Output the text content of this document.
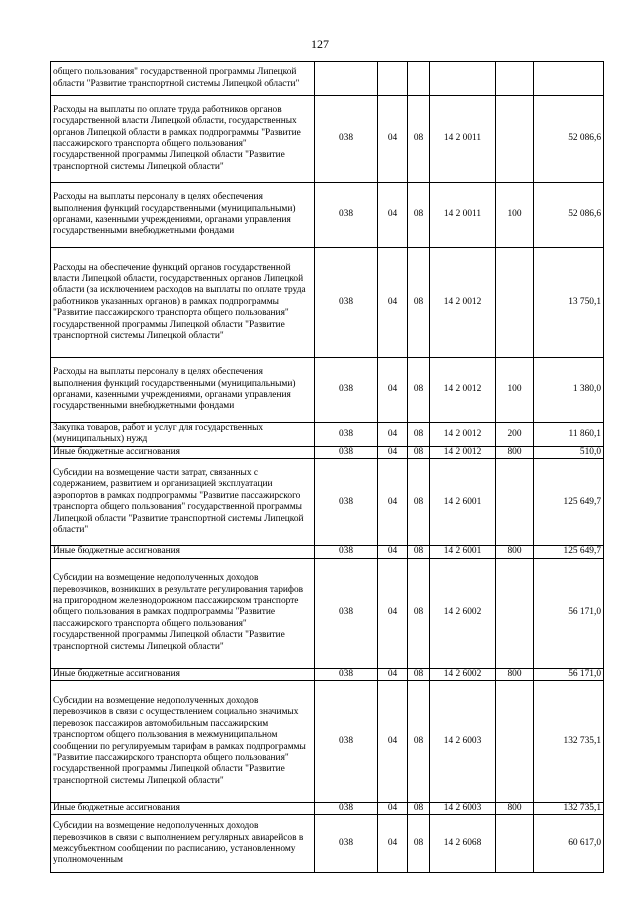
127
общего пользования" государственной программы Липецкой области "Развитие транспортной системы Липецкой области"						
Расходы на выплаты по оплате труда работников органов государственной власти Липецкой области, государственных органов Липецкой области в рамках подпрограммы "Развитие пассажирского транспорта общего пользования" государственной программы Липецкой области "Развитие транспортной системы Липецкой области"	038	04	08	14 2 0011		52 086,6
Расходы на выплаты персоналу в целях обеспечения выполнения функций государственными (муниципальными) органами, казенными учреждениями, органами управления государственными внебюджетными фондами	038	04	08	14 2 0011	100	52 086,6
Расходы на обеспечение функций органов государственной власти Липецкой области, государственных органов Липецкой области (за исключением расходов на выплаты по оплате труда работников указанных органов) в рамках подпрограммы "Развитие пассажирского транспорта общего пользования" государственной программы Липецкой области "Развитие транспортной системы Липецкой области"	038	04	08	14 2 0012		13 750,1
Расходы на выплаты персоналу в целях обеспечения выполнения функций государственными (муниципальными) органами, казенными учреждениями, органами управления государственными внебюджетными фондами	038	04	08	14 2 0012	100	1 380,0
Закупка товаров, работ и услуг для государственных (муниципальных) нужд	038	04	08	14 2 0012	200	11 860,1
Иные бюджетные ассигнования	038	04	08	14 2 0012	800	510,0
Субсидии на возмещение части затрат, связанных с содержанием, развитием и организацией эксплуатации аэропортов в рамках подпрограммы "Развитие пассажирского транспорта общего пользования" государственной программы Липецкой области "Развитие транспортной системы Липецкой области"	038	04	08	14 2 6001		125 649,7
Иные бюджетные ассигнования	038	04	08	14 2 6001	800	125 649,7
Субсидии на возмещение недополученных доходов перевозчиков, возникших в результате регулирования тарифов на пригородном железнодорожном пассажирском транспорте общего пользования в рамках подпрограммы "Развитие пассажирского транспорта общего пользования" государственной программы Липецкой области "Развитие транспортной системы Липецкой области"	038	04	08	14 2 6002		56 171,0
Иные бюджетные ассигнования	038	04	08	14 2 6002	800	56 171,0
Субсидии на возмещение недополученных доходов перевозчиков в связи с осуществлением социально значимых перевозок пассажиров автомобильным пассажирским транспортом общего пользования в межмуниципальном сообщении по регулируемым тарифам в рамках подпрограммы "Развитие пассажирского транспорта общего пользования" государственной программы Липецкой области "Развитие транспортной системы Липецкой области"	038	04	08	14 2 6003		132 735,1
Иные бюджетные ассигнования	038	04	08	14 2 6003	800	132 735,1
Субсидии на возмещение недополученных доходов перевозчиков в связи с выполнением регулярных авиарейсов в межсубъектном сообщении по расписанию, установленному уполномоченным	038	04	08	14 2 6068		60 617,0
